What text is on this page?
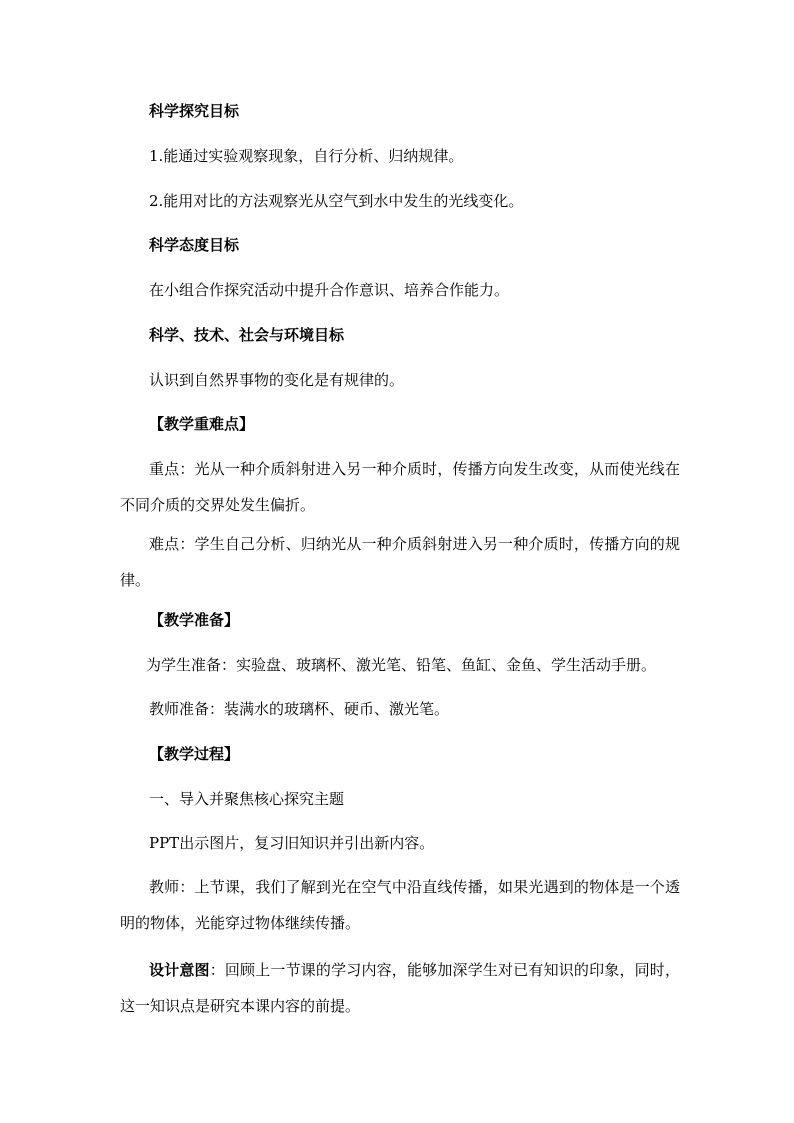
科学探究目标

1.能通过实验观察现象，自行分析、归纳规律。

2.能用对比的方法观察光从空气到水中发生的光线变化。

科学态度目标

在小组合作探究活动中提升合作意识、培养合作能力。

科学、技术、社会与环境目标

认识到自然界事物的变化是有规律的。

【教学重难点】

重点：光从一种介质斜射进入另一种介质时，传播方向发生改变，从而使光线在不同介质的交界处发生偏折。

难点：学生自己分析、归纳光从一种介质斜射进入另一种介质时，传播方向的规律。

【教学准备】

为学生准备：实验盘、玻璃杯、激光笔、铅笔、鱼缸、金鱼、学生活动手册。

教师准备：装满水的玻璃杯、硬币、激光笔。

【教学过程】

一、导入并聚焦核心探究主题

PPT出示图片，复习旧知识并引出新内容。

教师：上节课，我们了解到光在空气中沿直线传播，如果光遇到的物体是一个透明的物体，光能穿过物体继续传播。

设计意图：回顾上一节课的学习内容，能够加深学生对已有知识的印象，同时，这一知识点是研究本课内容的前提。
